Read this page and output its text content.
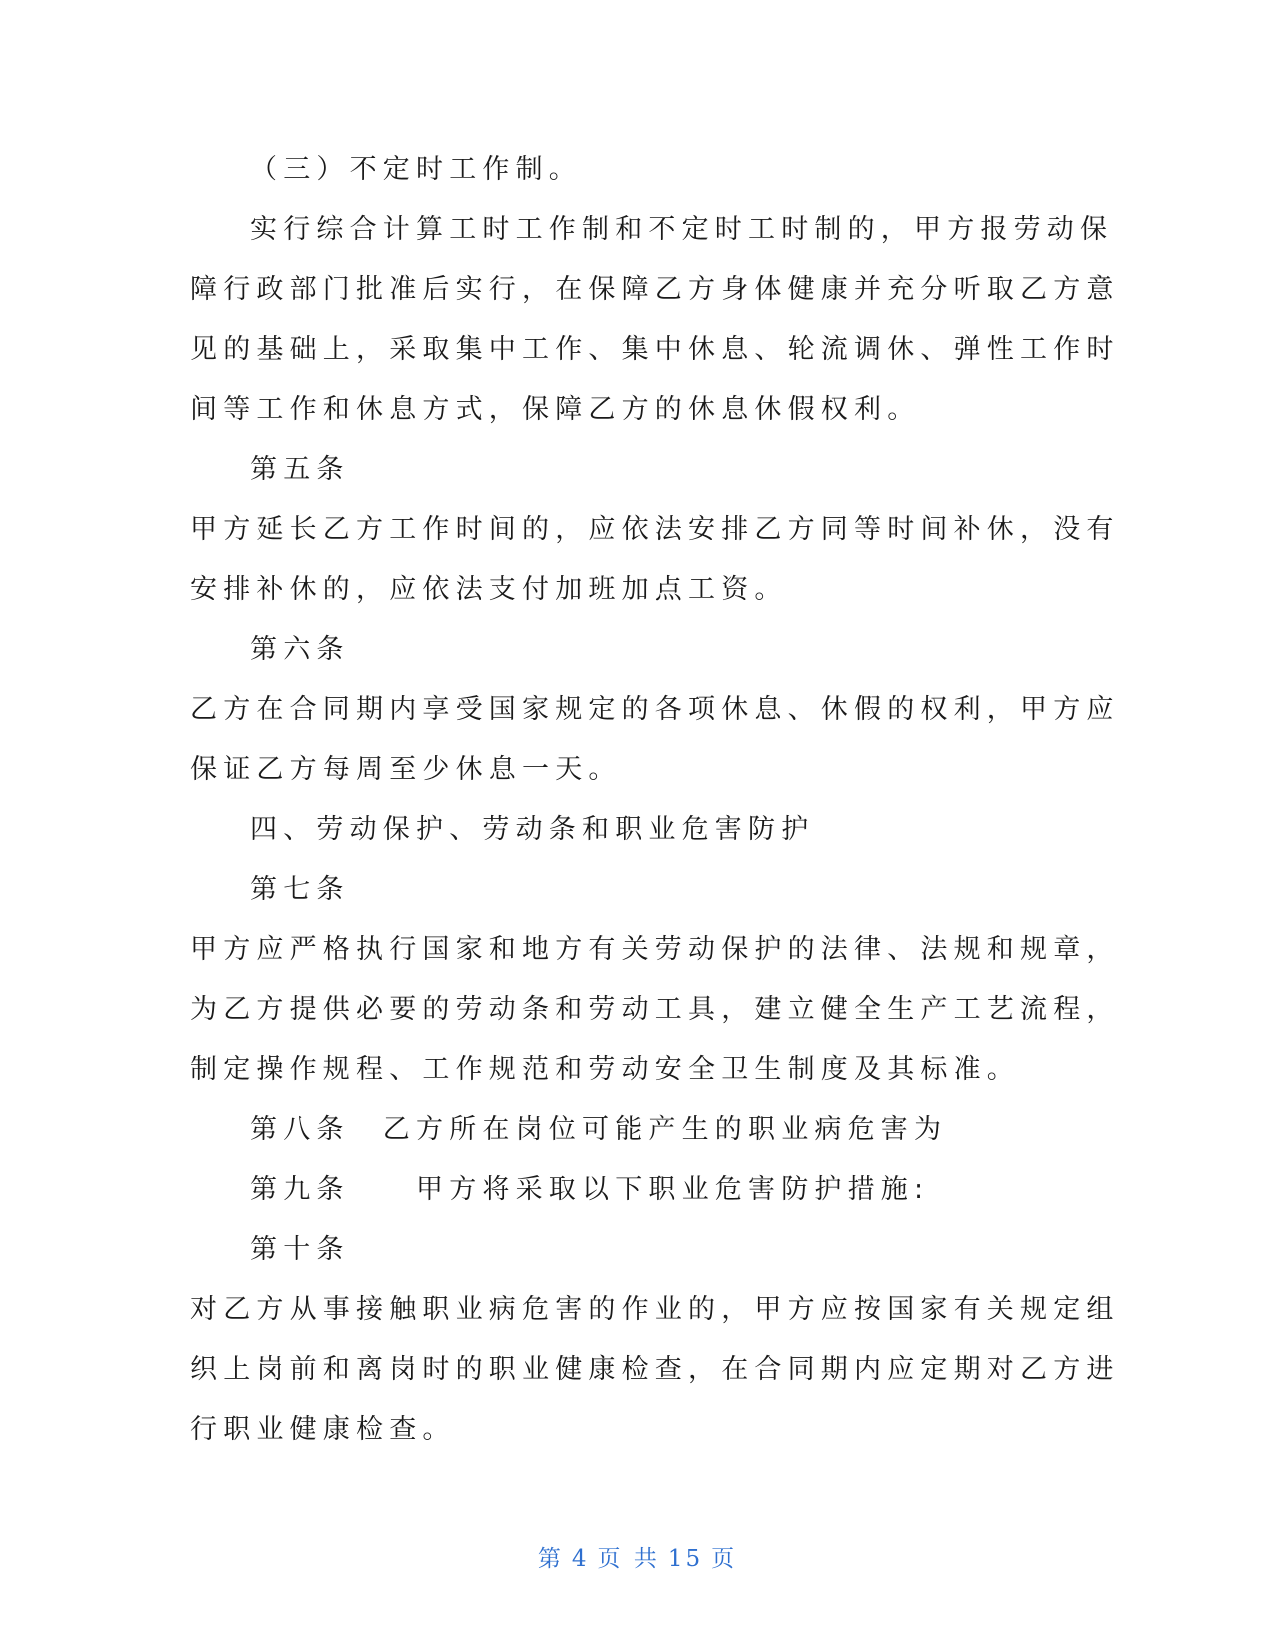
（三）不定时工作制。
实行综合计算工时工作制和不定时工时制的，甲方报劳动保
障行政部门批准后实行，在保障乙方身体健康并充分听取乙方意
见的基础上，采取集中工作、集中休息、轮流调休、弹性工作时
间等工作和休息方式，保障乙方的休息休假权利。
第五条
甲方延长乙方工作时间的，应依法安排乙方同等时间补休，没有
安排补休的，应依法支付加班加点工资。
第六条
乙方在合同期内享受国家规定的各项休息、休假的权利，甲方应
保证乙方每周至少休息一天。
四、劳动保护、劳动条和职业危害防护
第七条
甲方应严格执行国家和地方有关劳动保护的法律、法规和规章，
为乙方提供必要的劳动条和劳动工具，建立健全生产工艺流程，
制定操作规程、工作规范和劳动安全卫生制度及其标准。
第八条　乙方所在岗位可能产生的职业病危害为
第九条　　甲方将采取以下职业危害防护措施:
第十条
对乙方从事接触职业病危害的作业的，甲方应按国家有关规定组
织上岗前和离岗时的职业健康检查，在合同期内应定期对乙方进
行职业健康检查。
第 4 页 共 15 页
